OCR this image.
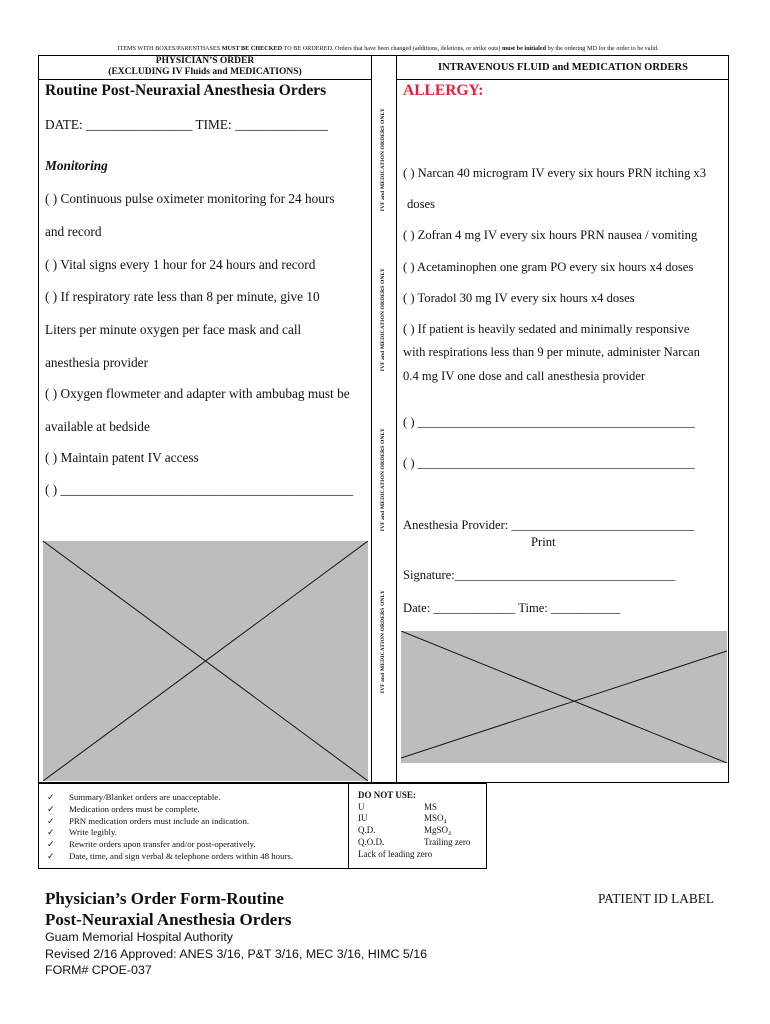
ITEMS WITH BOXES/PARENTHASES MUST BE CHECKED TO BE ORDERED. Orders that have been changed (additions, deletions, or strike outs) must be initialed by the ordering MD for the order to be valid.
PHYSICIAN’S ORDER
(EXCLUDING IV Fluids and MEDICATIONS)	INTRAVENOUS FLUID and MEDICATION ORDERS
Routine Post-Neuraxial Anesthesia Orders	ALLERGY:
DATE: ________________ TIME: ______________
Monitoring
( ) Continuous pulse oximeter monitoring for 24 hours
and record
( ) Vital signs every 1 hour for 24 hours and record
( ) If respiratory rate less than 8 per minute, give 10
Liters per minute oxygen per face mask and call
anesthesia provider
( ) Oxygen flowmeter and adapter with ambubag must be
available at bedside
( ) Maintain patent IV access
( ) ____________________________________________
IVF and MEDICATION ORDERS ONLY
IVF and MEDICATION ORDERS ONLY
IVF and MEDICATION ORDERS ONLY
IVF and MEDICATION ORDERS ONLY
( ) Narcan 40 microgram IV every six hours PRN itching x3
doses
( ) Zofran 4 mg IV every six hours PRN nausea / vomiting
( ) Acetaminophen one gram PO every six hours x4 doses
( ) Toradol 30 mg IV every six hours x4 doses
( ) If patient is heavily sedated and minimally responsive
with respirations less than 9 per minute, administer Narcan
0.4 mg IV one dose and call anesthesia provider
( ) ____________________________________________
( ) ____________________________________________
Anesthesia Provider: _____________________________
Print
Signature:___________________________________
Date: _____________ Time: ___________
✓ Summary/Blanket orders are unacceptable.
✓ Medication orders must be complete.
✓ PRN medication orders must include an indication.
✓ Write legibly.
✓ Rewrite orders upon transfer and/or post-operatively.
✓ Date, time, and sign verbal & telephone orders within 48 hours.
DO NOT USE:
U	MS
IU	MSO₄
Q.D.	MgSO₄
Q.O.D.	Trailing zero
Lack of leading zero
Physician’s Order Form-Routine
Post-Neuraxial Anesthesia Orders
PATIENT ID LABEL
Guam Memorial Hospital Authority
Revised 2/16 Approved: ANES 3/16, P&T 3/16, MEC 3/16, HIMC 5/16
FORM# CPOE-037
